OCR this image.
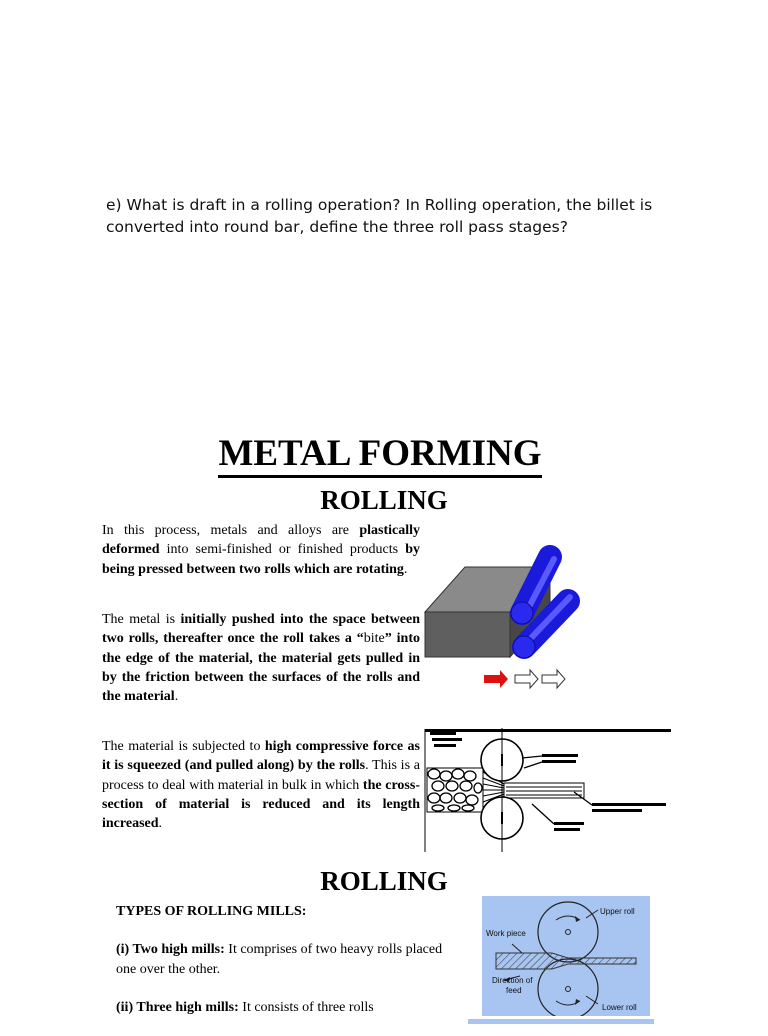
e) What is draft in a rolling operation? In Rolling operation, the billet is converted into round bar, define the three roll pass stages?
METAL FORMING
ROLLING
In this process, metals and alloys are plastically deformed into semi-finished or finished products by being pressed between two rolls which are rotating.
The metal is initially pushed into the space between two rolls, thereafter once the roll takes a “bite” into the edge of the material, the material gets pulled in by the friction between the surfaces of the rolls and the material.
The material is subjected to high compressive force as it is squeezed (and pulled along) by the rolls. This is a process to deal with material in bulk in which the cross-section of material is reduced and its length increased.
ROLLING

TYPES OF ROLLING MILLS:

(i) Two high mills: It comprises of two heavy rolls placed one over the other.

(ii) Three high mills: It consists of three rolls

Upper roll
Work piece
Direction of
feed
Lower roll
